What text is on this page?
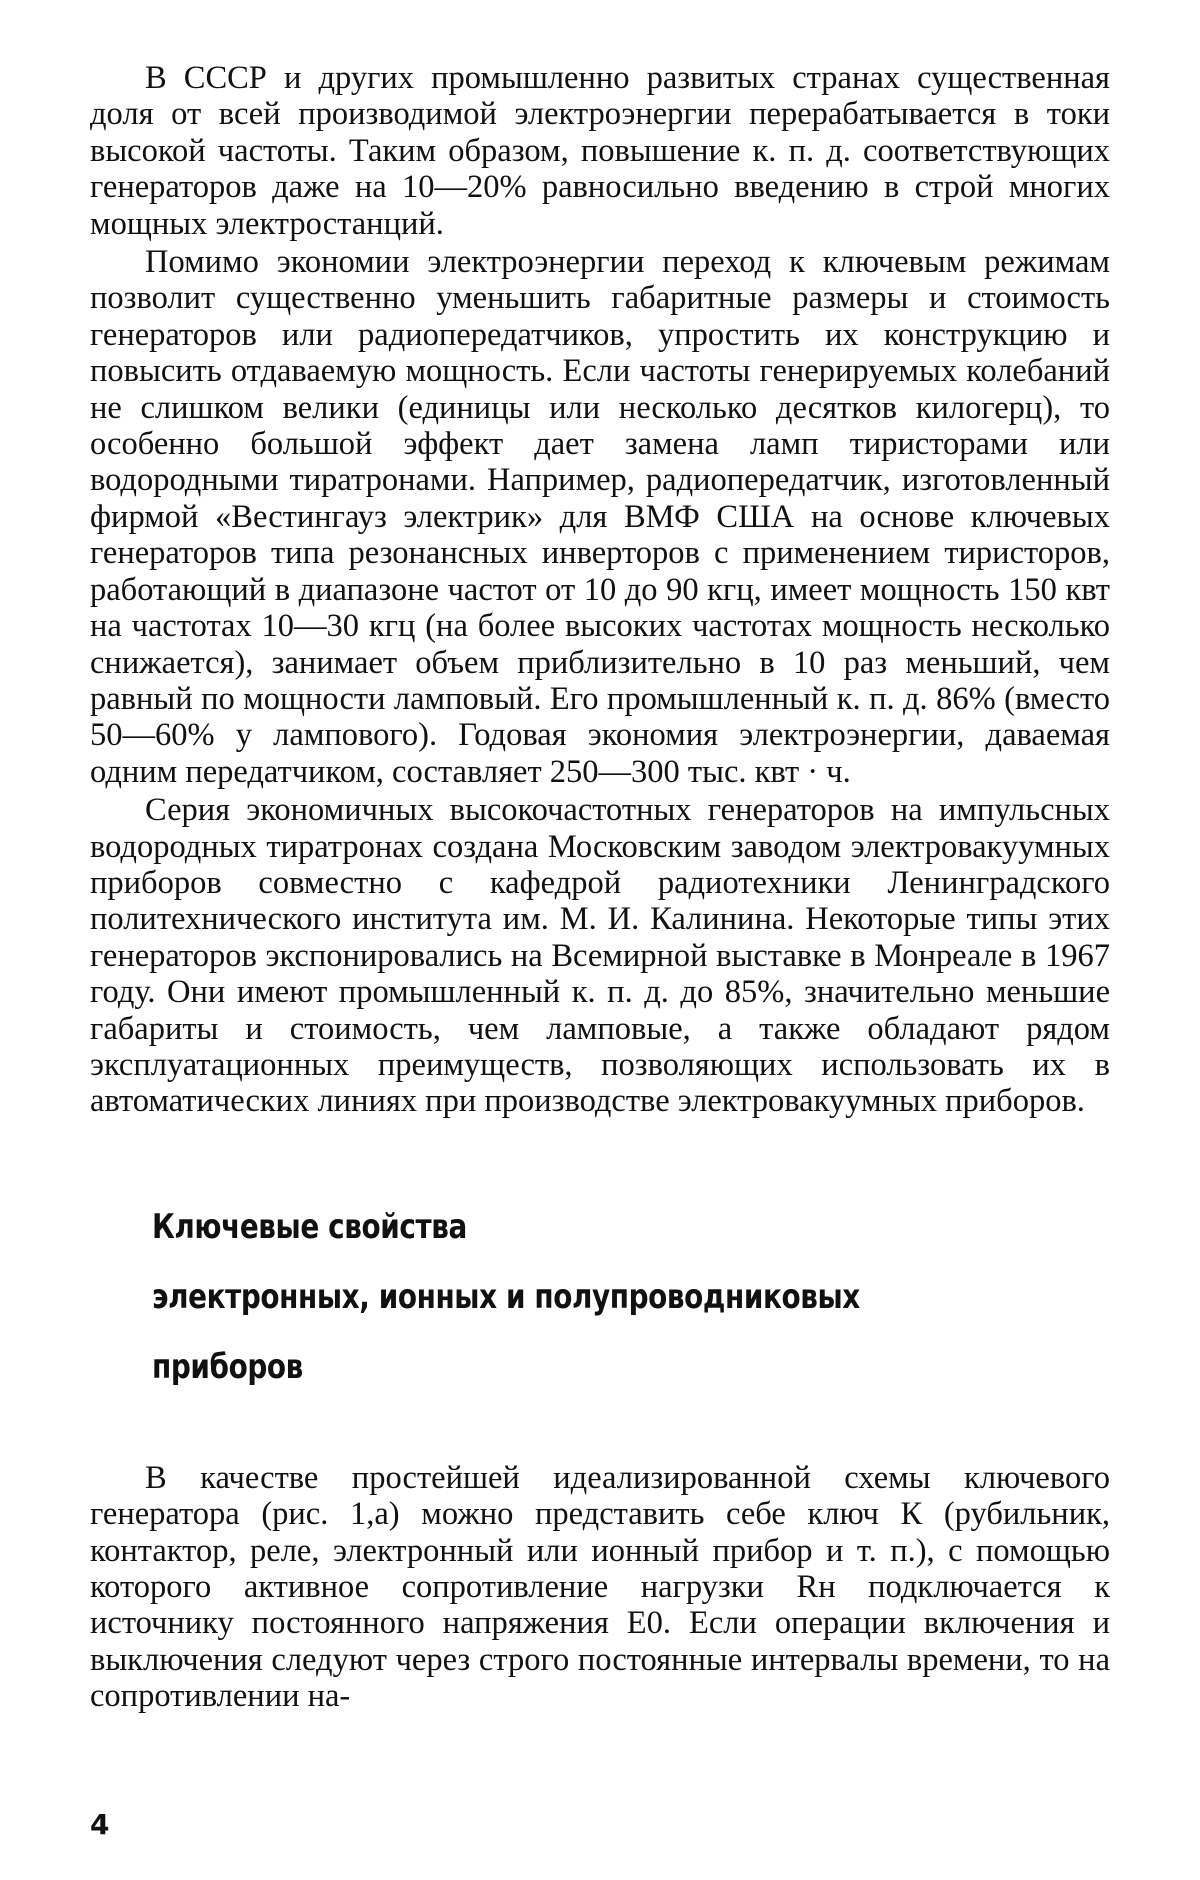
В СССР и других промышленно развитых странах существенная доля от всей производимой электроэнергии перерабатывается в токи высокой частоты. Таким образом, повышение к. п. д. соответствующих генераторов даже на 10—20% равносильно введению в строй многих мощных электростанций.

Помимо экономии электроэнергии переход к ключевым режимам позволит существенно уменьшить габаритные размеры и стоимость генераторов или радиопередатчиков, упростить их конструкцию и повысить отдаваемую мощность. Если частоты генерируемых колебаний не слишком велики (единицы или несколько десятков килогерц), то особенно большой эффект дает замена ламп тиристорами или водородными тиратронами. Например, радиопередатчик, изготовленный фирмой «Вестингауз электрик» для ВМФ США на основе ключевых генераторов типа резонансных инверторов с применением тиристоров, работающий в диапазоне частот от 10 до 90 кгц, имеет мощность 150 квт на частотах 10—30 кгц (на более высоких частотах мощность несколько снижается), занимает объем приблизительно в 10 раз меньший, чем равный по мощности ламповый. Его промышленный к. п. д. 86% (вместо 50—60% у лампового). Годовая экономия электроэнергии, даваемая одним передатчиком, составляет 250—300 тыс. квт · ч.

Серия экономичных высокочастотных генераторов на импульсных водородных тиратронах создана Московским заводом электровакуумных приборов совместно с кафедрой радиотехники Ленинградского политехнического института им. М. И. Калинина. Некоторые типы этих генераторов экспонировались на Всемирной выставке в Монреале в 1967 году. Они имеют промышленный к. п. д. до 85%, значительно меньшие габариты и стоимость, чем ламповые, а также обладают рядом эксплуатационных преимуществ, позволяющих использовать их в автоматических линиях при производстве электровакуумных приборов.

Ключевые свойства
электронных, ионных и полупроводниковых
приборов

В качестве простейшей идеализированной схемы ключевого генератора (рис. 1,а) можно представить себе ключ К (рубильник, контактор, реле, электронный или ионный прибор и т. п.), с помощью которого активное сопротивление нагрузки Rн подключается к источнику постоянного напряжения E0. Если операции включения и выключения следуют через строго постоянные интервалы времени, то на сопротивлении на-

4
